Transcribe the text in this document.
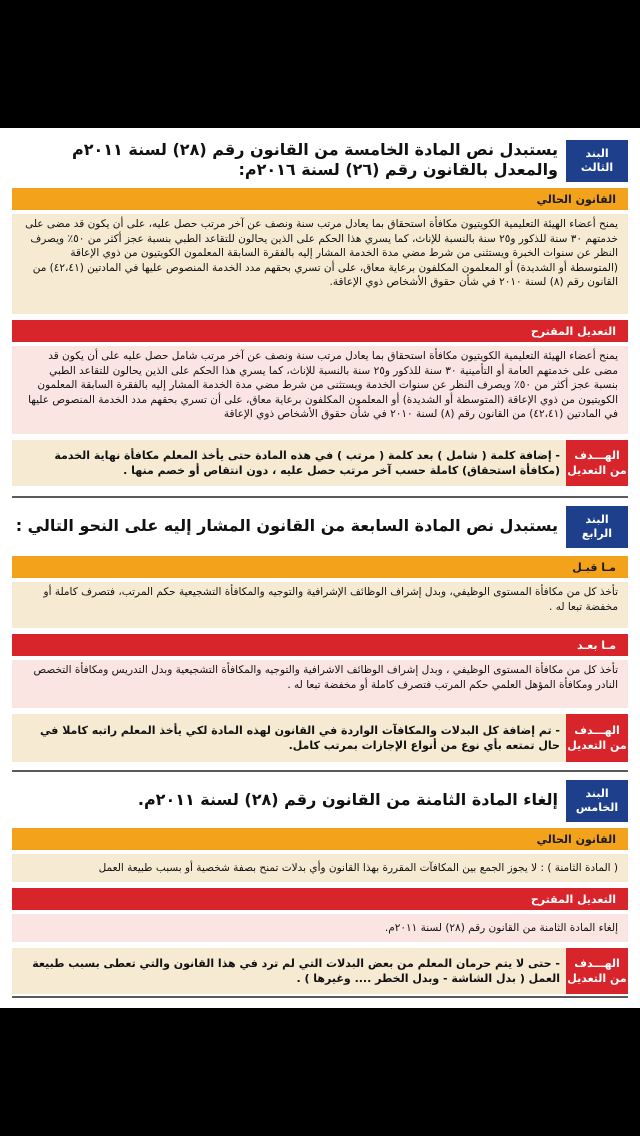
البند
الثالث
يستبدل نص المادة الخامسة من القانون رقم (٢٨) لسنة ٢٠١١م والمعدل بالقانون رقم (٢٦) لسنة ٢٠١٦م:
القانون الحالي
يمنح أعضاء الهيئة التعليمية الكويتيون مكافأة استحقاق بما يعادل مرتب سنة ونصف عن آخر مرتب حصل عليه، على أن يكون قد مضى على خدمتهم ٣٠ سنة للذكور و٢٥ سنة بالنسبة للإناث، كما يسري هذا الحكم على الذين يحالون للتقاعد الطبي بنسبة عجز أكثر من ٥٠٪ ويصرف النظر عن سنوات الخبرة ويستثنى من شرط مضي مدة الخدمة المشار إليه بالفقرة السابقة المعلمون الكويتيون من ذوي الإعاقة (المتوسطة أو الشديدة) أو المعلمون المكلفون برعاية معاق، على أن تسري بحقهم مدد الخدمة المنصوص عليها في المادتين (٤٢،٤١) من القانون رقم (٨) لسنة ٢٠١٠ في شأن حقوق الأشخاص ذوي الإعاقة.
التعديل المقترح
يمنح أعضاء الهيئة التعليمية الكويتيون مكافأة استحقاق بما يعادل مرتب سنة ونصف عن آخر مرتب شامل حصل عليه على أن يكون قد مضى على خدمتهم العامة أو التأمينية ٣٠ سنة للذكور و٢٥ سنة بالنسبة للإناث، كما يسري هذا الحكم على الذين يحالون للتقاعد الطبي بنسبة عجز أكثر من ٥٠٪ ويصرف النظر عن سنوات الخدمة ويستثنى من شرط مضي مدة الخدمة المشار إليه بالفقرة السابقة المعلمون الكويتيون من ذوي الإعاقة (المتوسطة أو الشديدة) أو المعلمون المكلفون برعاية معاق، على أن تسري بحقهم مدد الخدمة المنصوص عليها في المادتين (٤٢،٤١) من القانون رقم (٨) لسنة ٢٠١٠ في شأن حقوق الأشخاص ذوي الإعاقة
الهـــدف
من التعديل
- إضافة كلمة ( شامل ) بعد كلمة ( مرتب ) في هذه المادة حتى يأخذ المعلم مكافأة نهاية الخدمة (مكافأة استحقاق) كاملة حسب آخر مرتب حصل عليه ، دون انتقاص أو خصم منها .
البند
الرابع
يستبدل نص المادة السابعة من القانون المشار إليه على النحو التالي :
مـا قبـل
تأخذ كل من مكافأة المستوى الوظيفي، وبدل إشراف الوظائف الإشرافية والتوجيه والمكافأة التشجيعية حكم المرتب، فتصرف كاملة أو مخفضة تبعا له .
مـا بعـد
تأخذ كل من مكافأة المستوى الوظيفي ، وبدل إشراف الوظائف الاشرافية والتوجيه والمكافأة التشجيعية وبدل التدريس ومكافأة التخصص النادر ومكافأة المؤهل العلمي حكم المرتب فتصرف كاملة أو مخفضة تبعا له .
الهـــدف
من التعديل
- تم إضافة كل البدلات والمكافآت الواردة في القانون لهذه المادة لكي يأخذ المعلم راتبه كاملا في حال تمتعه بأي نوع من أنواع الإجازات بمرتب كامل.
البند
الخامس
إلغاء المادة الثامنة من القانون رقم (٢٨) لسنة ٢٠١١م.
القانون الحالي
( المادة الثامنة ) : لا يجوز الجمع بين المكافآت المقررة بهذا القانون وأي بدلات تمنح بصفة شخصية أو بسبب طبيعة العمل
التعديل المقترح
إلغاء المادة الثامنة من القانون رقم (٢٨) لسنة ٢٠١١م.
الهـــدف
من التعديل
- حتى لا يتم حرمان المعلم من بعض البدلات التي لم ترد في هذا القانون والتي تعطى بسبب طبيعة العمل ( بدل الشاشة - وبدل الخطر .... وغيرها ) .
